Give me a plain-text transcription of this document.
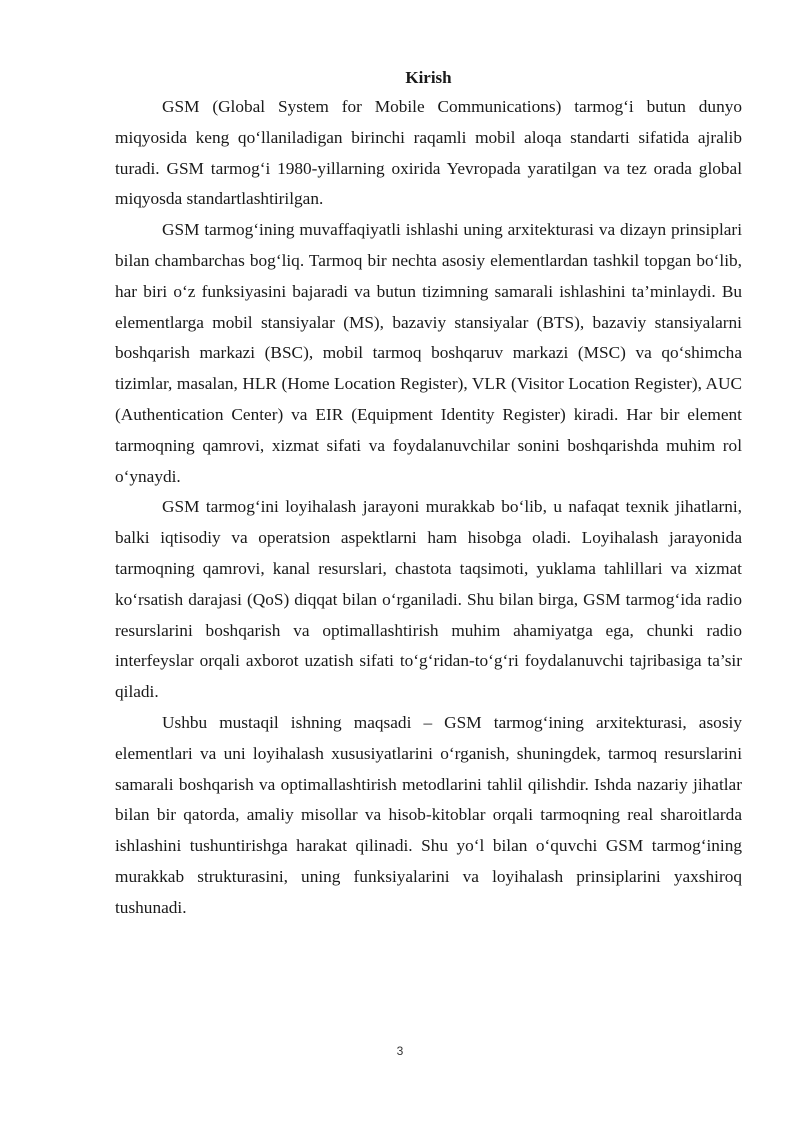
Kirish

GSM (Global System for Mobile Communications) tarmog‘i butun dunyo miqyosida keng qo‘llaniladigan birinchi raqamli mobil aloqa standarti sifatida ajralib turadi. GSM tarmog‘i 1980-yillarning oxirida Yevropada yaratilgan va tez orada global miqyosda standartlashtirilgan.

GSM tarmog‘ining muvaffaqiyatli ishlashi uning arxitekturasi va dizayn prinsiplari bilan chambarchas bog‘liq. Tarmoq bir nechta asosiy elementlardan tashkil topgan bo‘lib, har biri o‘z funksiyasini bajaradi va butun tizimning samarali ishlashini ta’minlaydi. Bu elementlarga mobil stansiyalar (MS), bazaviy stansiyalar (BTS), bazaviy stansiyalarni boshqarish markazi (BSC), mobil tarmoq boshqaruv markazi (MSC) va qo‘shimcha tizimlar, masalan, HLR (Home Location Register), VLR (Visitor Location Register), AUC (Authentication Center) va EIR (Equipment Identity Register) kiradi. Har bir element tarmoqning qamrovi, xizmat sifati va foydalanuvchilar sonini boshqarishda muhim rol o‘ynaydi.

GSM tarmog‘ini loyihalash jarayoni murakkab bo‘lib, u nafaqat texnik jihatlarni, balki iqtisodiy va operatsion aspektlarni ham hisobga oladi. Loyihalash jarayonida tarmoqning qamrovi, kanal resurslari, chastota taqsimoti, yuklama tahlillari va xizmat ko‘rsatish darajasi (QoS) diqqat bilan o‘rganiladi. Shu bilan birga, GSM tarmog‘ida radio resurslarini boshqarish va optimallashtirish muhim ahamiyatga ega, chunki radio interfeyslar orqali axborot uzatish sifati to‘g‘ridan-to‘g‘ri foydalanuvchi tajribasiga ta’sir qiladi.

Ushbu mustaqil ishning maqsadi – GSM tarmog‘ining arxitekturasi, asosiy elementlari va uni loyihalash xususiyatlarini o‘rganish, shuningdek, tarmoq resurslarini samarali boshqarish va optimallashtirish metodlarini tahlil qilishdir. Ishda nazariy jihatlar bilan bir qatorda, amaliy misollar va hisob-kitoblar orqali tarmoqning real sharoitlarda ishlashini tushuntirishga harakat qilinadi. Shu yo‘l bilan o‘quvchi GSM tarmog‘ining murakkab strukturasini, uning funksiyalarini va loyihalash prinsiplarini yaxshiroq tushunadi.

3
